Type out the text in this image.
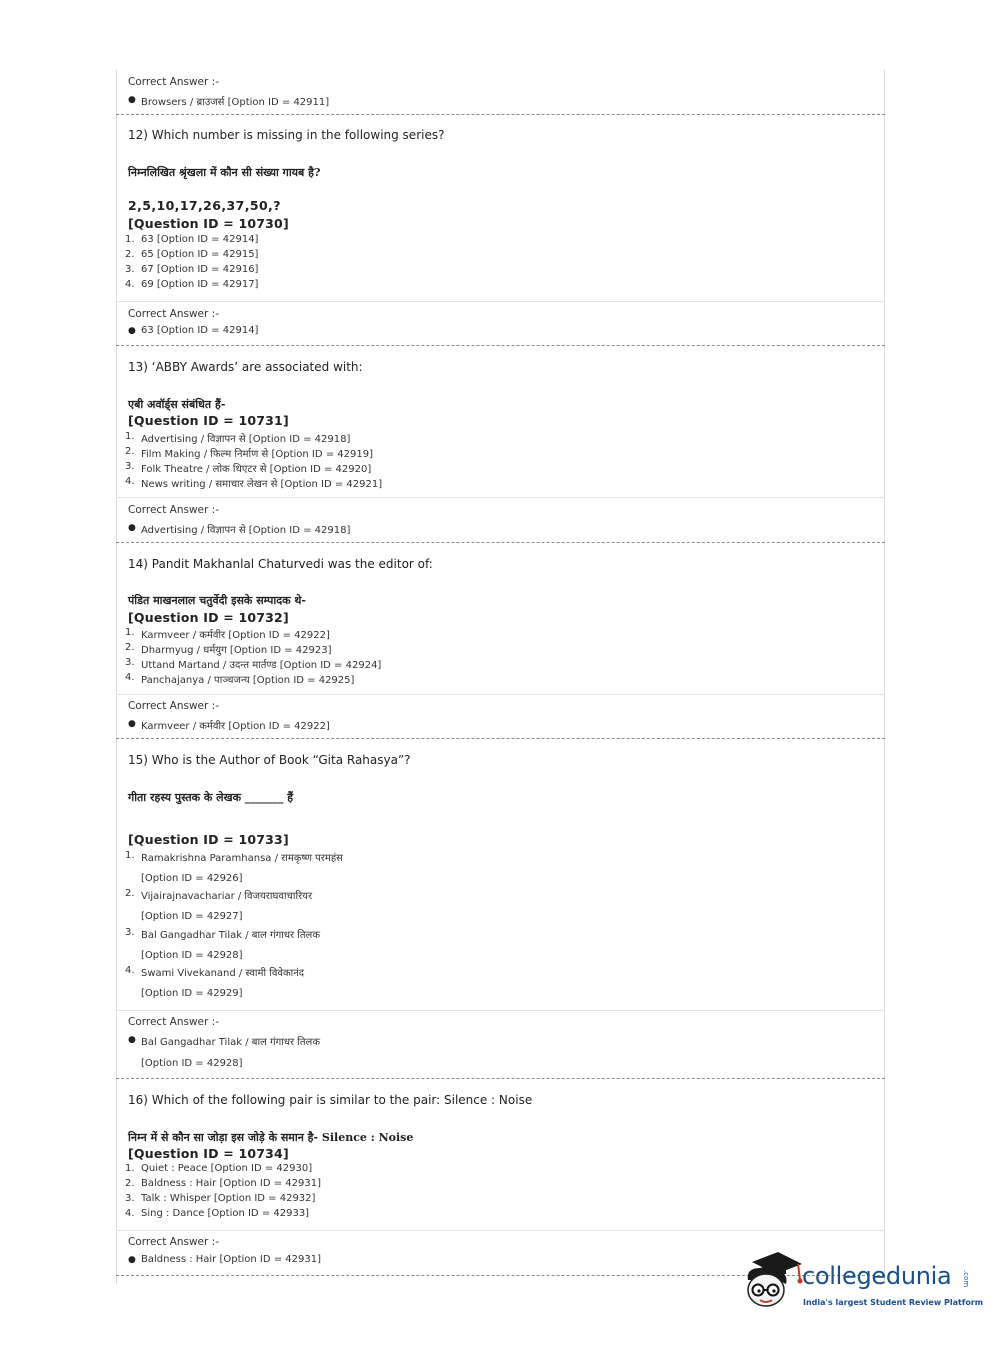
Correct Answer :-
● Browsers / ब्राउजर्स [Option ID = 42911]
12) Which number is missing in the following series?
निम्नलिखित श्रृंखला में कौन सी संख्या गायब है?
2,5,10,17,26,37,50,?
[Question ID = 10730]
1. 63 [Option ID = 42914]
2. 65 [Option ID = 42915]
3. 67 [Option ID = 42916]
4. 69 [Option ID = 42917]
Correct Answer :-
● 63 [Option ID = 42914]
13) ‘ABBY Awards’ are associated with:
एबी अवॉर्ड्स संबंधित हैं-
[Question ID = 10731]
1. Advertising / विज्ञापन से [Option ID = 42918]
2. Film Making / फिल्म निर्माण से [Option ID = 42919]
3. Folk Theatre / लोक थिएटर से [Option ID = 42920]
4. News writing / समाचार लेखन से [Option ID = 42921]
Correct Answer :-
● Advertising / विज्ञापन से [Option ID = 42918]
14) Pandit Makhanlal Chaturvedi was the editor of:
पंडित माखनलाल चतुर्वेदी इसके सम्पादक थे-
[Question ID = 10732]
1. Karmveer / कर्मवीर [Option ID = 42922]
2. Dharmyug / धर्मयुग [Option ID = 42923]
3. Uttand Martand / उदन्त मार्तण्ड [Option ID = 42924]
4. Panchajanya / पाञ्चजन्य [Option ID = 42925]
Correct Answer :-
● Karmveer / कर्मवीर [Option ID = 42922]
15) Who is the Author of Book “Gita Rahasya”?
गीता रहस्य पुस्तक के लेखक _______ हैं
[Question ID = 10733]
1. Ramakrishna Paramhansa / रामकृष्ण परमहंस
[Option ID = 42926]
2. Vijairajnavachariar / विजयराघवाचारियर
[Option ID = 42927]
3. Bal Gangadhar Tilak / बाल गंगाधर तिलक
[Option ID = 42928]
4. Swami Vivekanand / स्वामी विवेकानंद
[Option ID = 42929]
Correct Answer :-
● Bal Gangadhar Tilak / बाल गंगाधर तिलक
[Option ID = 42928]
16) Which of the following pair is similar to the pair: Silence : Noise
निम्न में से कौन सा जोड़ा इस जोड़े के समान है- Silence : Noise
[Question ID = 10734]
1. Quiet : Peace [Option ID = 42930]
2. Baldness : Hair [Option ID = 42931]
3. Talk : Whisper [Option ID = 42932]
4. Sing : Dance [Option ID = 42933]
Correct Answer :-
● Baldness : Hair [Option ID = 42931]
collegedunia .com
India's largest Student Review Platform
